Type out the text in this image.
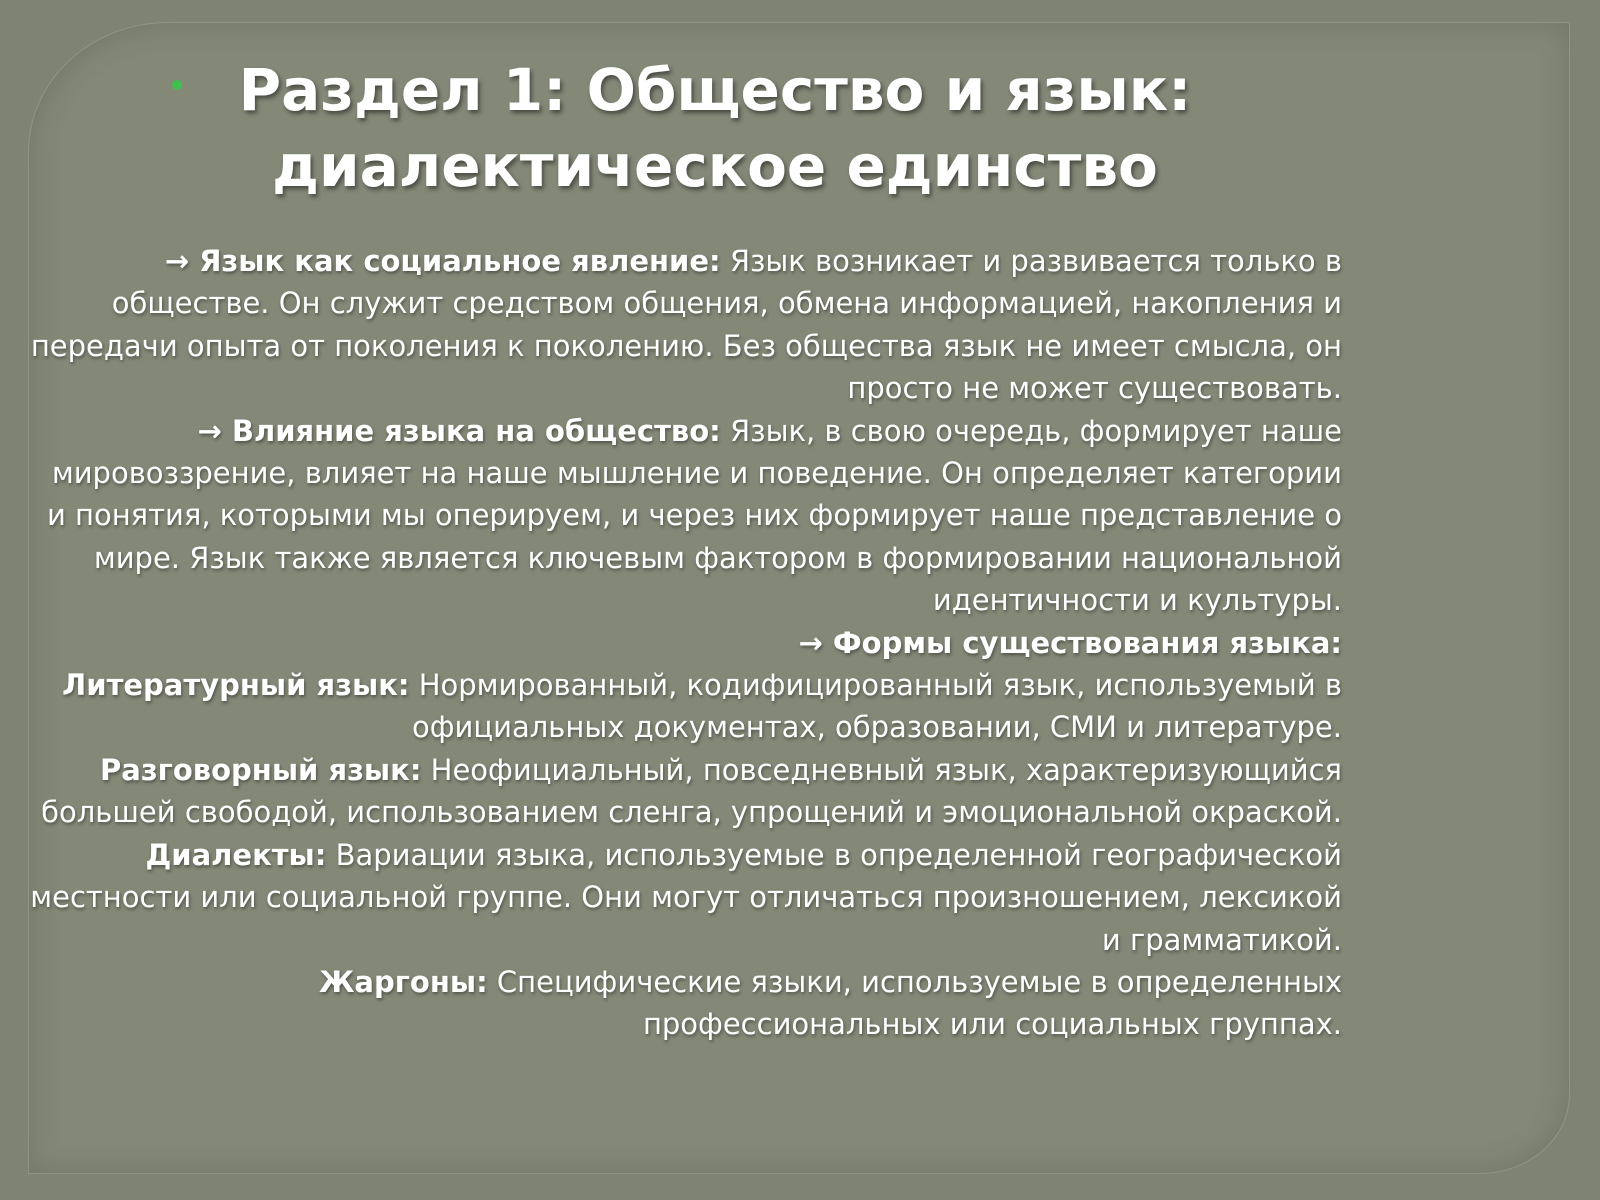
Раздел 1: Общество и язык:
диалектическое единство

→ Язык как социальное явление: Язык возникает и развивается только в обществе. Он служит средством общения, обмена информацией, накопления и передачи опыта от поколения к поколению. Без общества язык не имеет смысла, он просто не может существовать.

→ Влияние языка на общество: Язык, в свою очередь, формирует наше мировоззрение, влияет на наше мышление и поведение. Он определяет категории и понятия, которыми мы оперируем, и через них формирует наше представление о мире. Язык также является ключевым фактором в формировании национальной идентичности и культуры.

→ Формы существования языка:

Литературный язык: Нормированный, кодифицированный язык, используемый в официальных документах, образовании, СМИ и литературе.

Разговорный язык: Неофициальный, повседневный язык, характеризующийся большей свободой, использованием сленга, упрощений и эмоциональной окраской.

Диалекты: Вариации языка, используемые в определенной географической местности или социальной группе. Они могут отличаться произношением, лексикой и грамматикой.

Жаргоны: Специфические языки, используемые в определенных профессиональных или социальных группах.
